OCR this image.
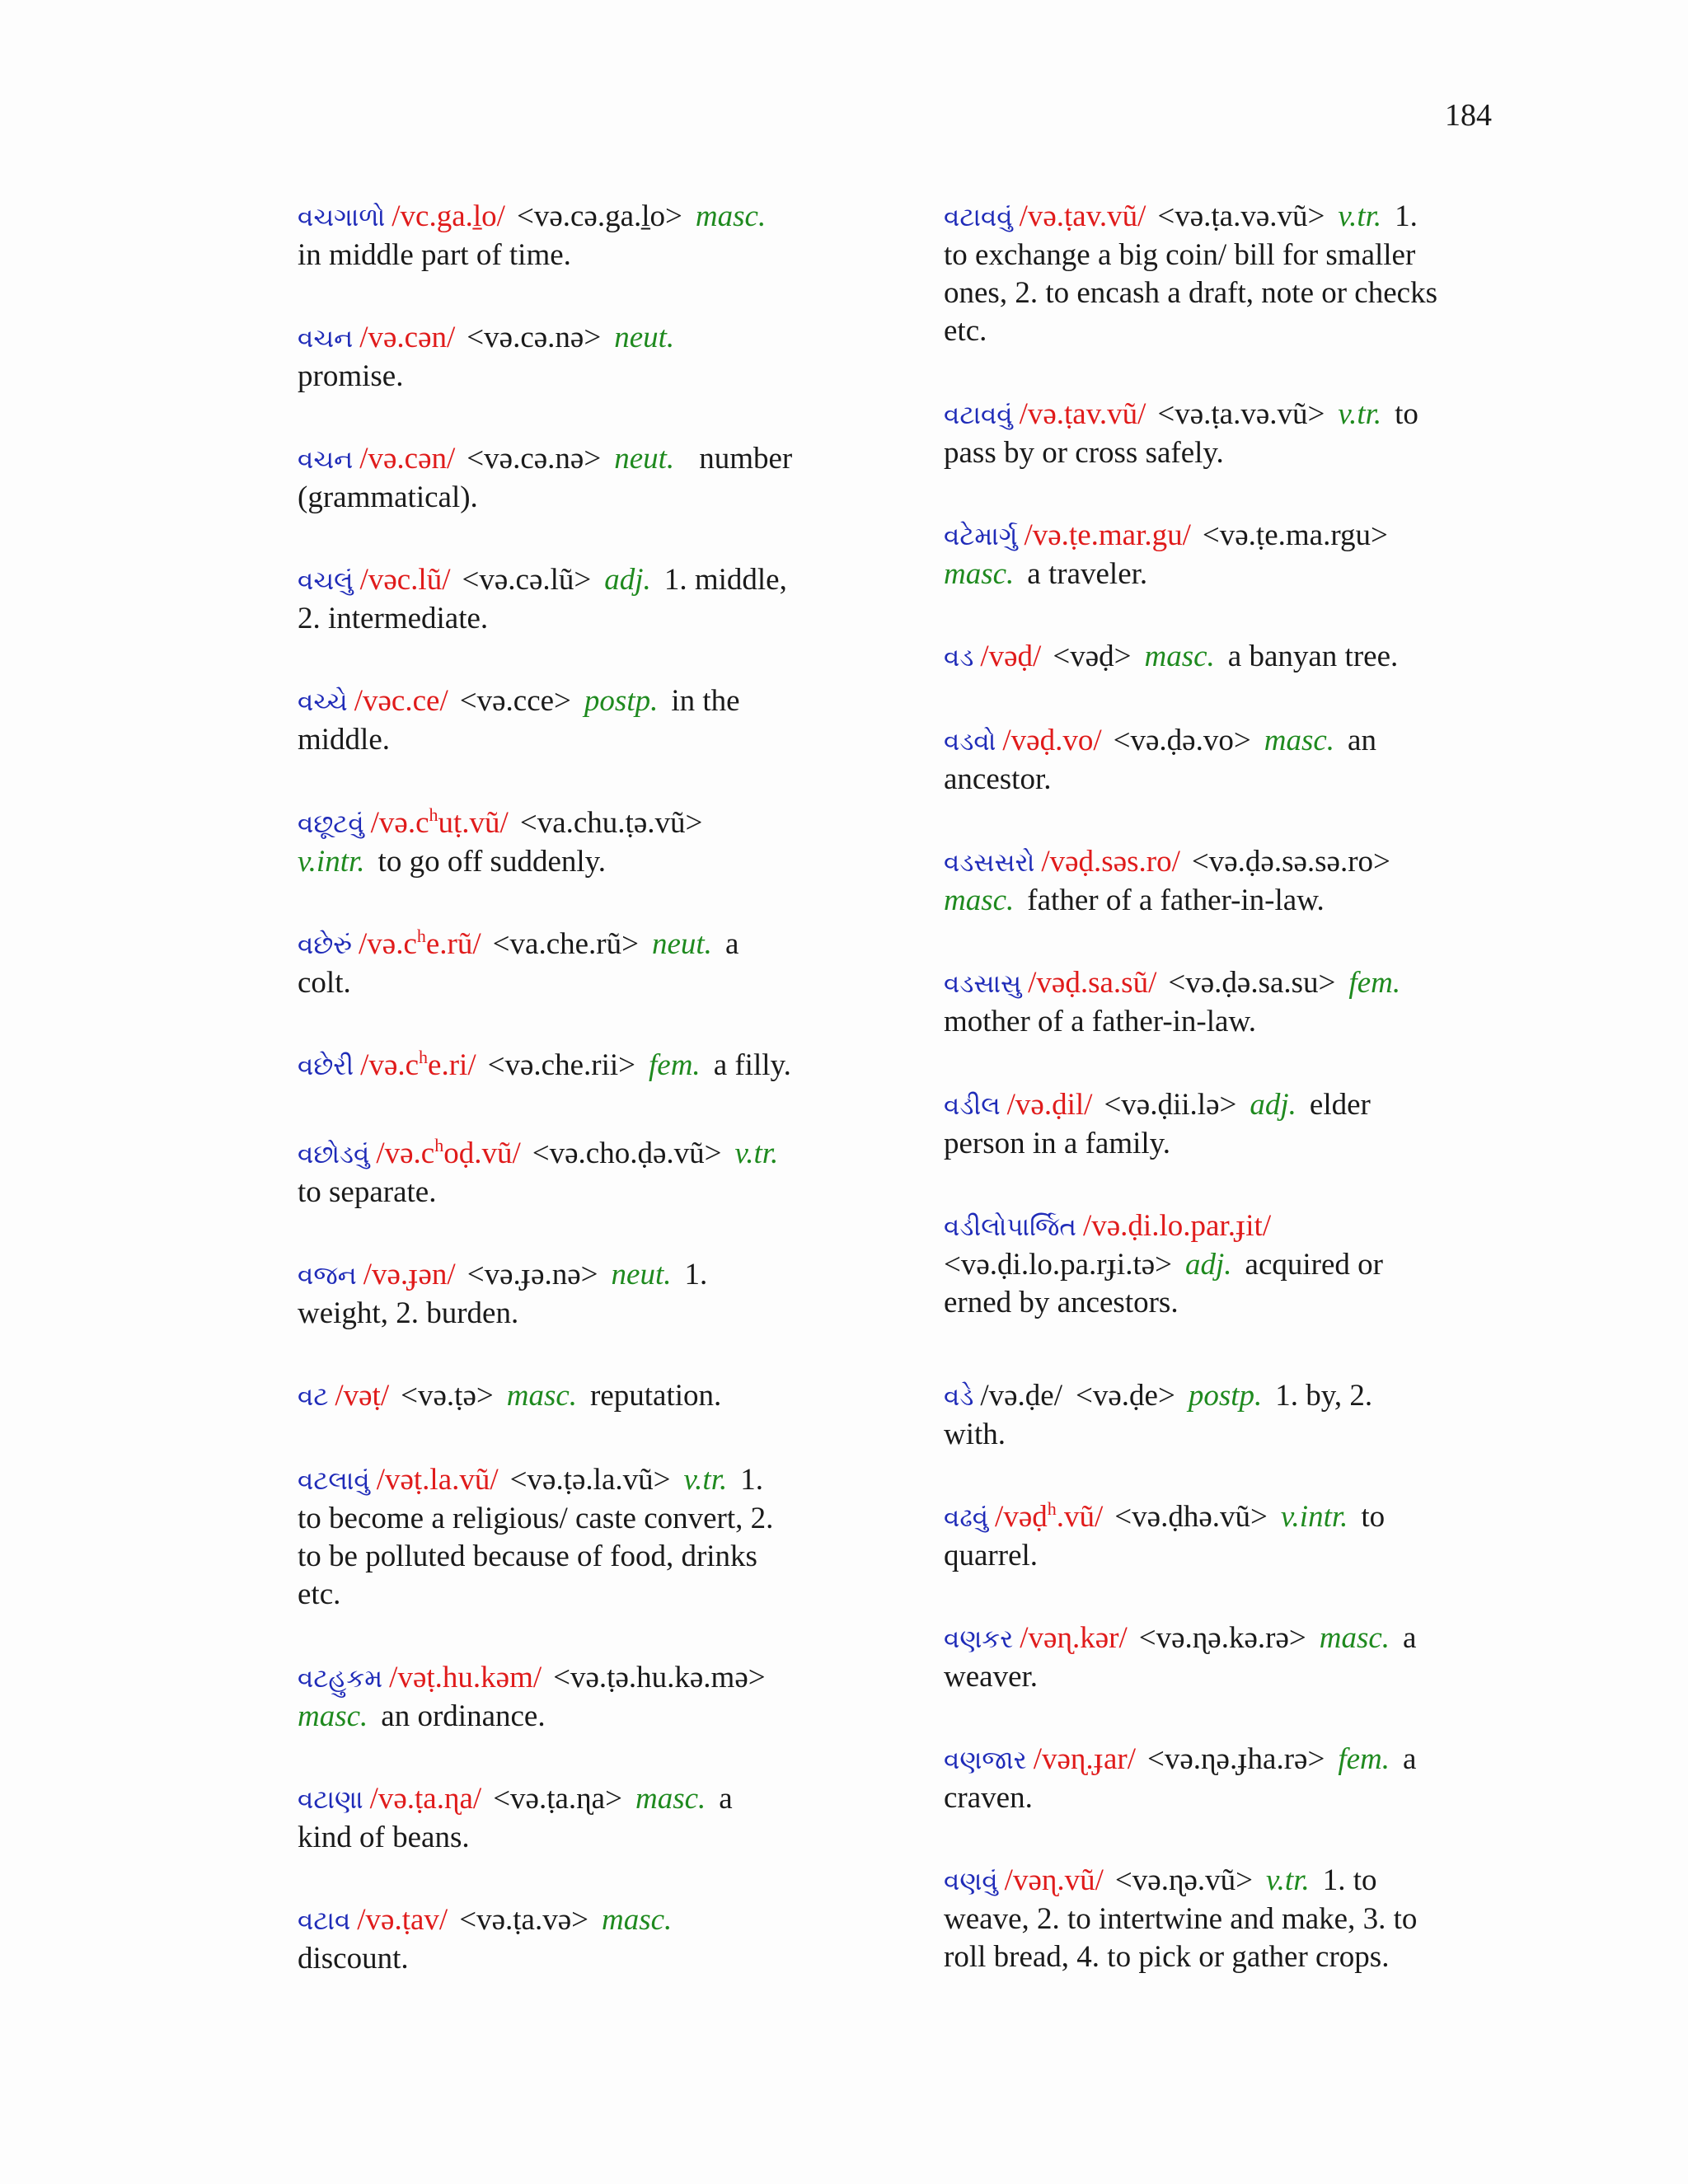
184
વચગાળો /vc.ga.ḻo/ <və.cə.ga.ḻo> masc.
in middle part of time.
વચન /və.cən/ <və.cə.nə> neut.
promise.
વચન /və.cən/ <və.cə.nə> neut. number
(grammatical).
વચલું /vəc.lũ/ <və.cə.lũ> adj. 1. middle,
2. intermediate.
વચ્ચે /vəc.ce/ <və.cce> postp. in the
middle.
વછૂટવું $/və.c^huṭ.vũ/$ <va.chu.ṭə.vũ>
v.intr. to go off suddenly.
વછેરું $/və.c^he.rũ/$ <va.che.rũ> neut. a
colt.
વછેરી $/və.c^he.ri/$ <və.che.rii> fem. a filly.
વછોડવું $/və.c^hoḍ.vũ/$ <və.cho.ḍə.vũ> v.tr.
to separate.
વજન /və.ɟən/ <və.ɟə.nə> neut. 1.
weight, 2. burden.
વટ /vəṭ/ <və.ṭə> masc. reputation.
વટલાવું /vəṭ.la.vũ/ <və.ṭə.la.vũ> v.tr. 1.
to become a religious/ caste convert, 2.
to be polluted because of food, drinks
etc.
વટહુકમ /vəṭ.hu.kəm/ <və.ṭə.hu.kə.mə>
masc. an ordinance.
વટાણા /və.ṭa.ɳa/ <və.ṭa.ɳa> masc. a
kind of beans.
વટાવ /və.ṭav/ <və.ṭa.və> masc.
discount.
વટાવવું /və.ṭav.vũ/ <və.ṭa.və.vũ> v.tr. 1.
to exchange a big coin/ bill for smaller
ones, 2. to encash a draft, note or checks
etc.
વટાવવું /və.ṭav.vũ/ <və.ṭa.və.vũ> v.tr. to
pass by or cross safely.
વટેમાર્ગુ /və.ṭe.mar.gu/ <və.ṭe.ma.rgu>
masc. a traveler.
વડ /vəḍ/ <vəḍ> masc. a banyan tree.
વડવો /vəḍ.vo/ <və.ḍə.vo> masc. an
ancestor.
વડસસરો /vəḍ.səs.ro/ <və.ḍə.sə.sə.ro>
masc. father of a father-in-law.
વડસાસુ /vəḍ.sa.sũ/ <və.ḍə.sa.su> fem.
mother of a father-in-law.
વડીલ /və.ḍil/ <və.ḍii.lə> adj. elder
person in a family.
વડીલોપાર્જિત /və.ḍi.lo.par.ɟit/
<və.ḍi.lo.pa.rɟi.tə> adj. acquired or
erned by ancestors.
વડે /və.ḍe/ <və.ḍe> postp. 1. by, 2.
with.
વઢવું /vəḍ$^h$.vũ/ <və.ḍhə.vũ> v.intr. to
quarrel.
વણકર /vəɳ.kər/ <və.ɳə.kə.rə> masc. a
weaver.
વણજાર /vəɳ.ɟar/ <və.ɳə.ɟha.rə> fem. a
craven.
વણવું /vəɳ.vũ/ <və.ɳə.vũ> v.tr. 1. to
weave, 2. to intertwine and make, 3. to
roll bread, 4. to pick or gather crops.
